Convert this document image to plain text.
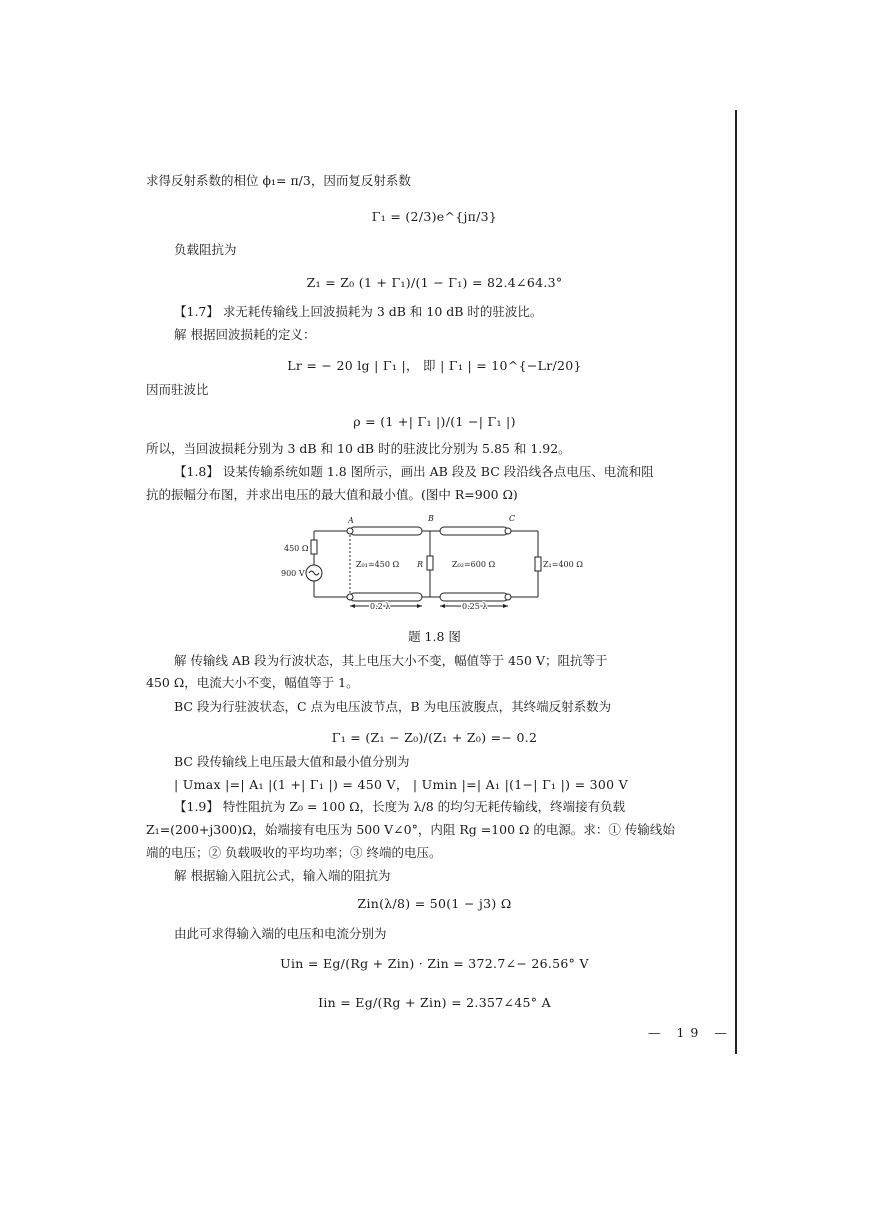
求得反射系数的相位 ϕ₁= π/3，因而复反射系数
Γ₁ = (2/3)e^{jπ/3}
负载阻抗为
Z₁ = Z₀ (1 + Γ₁)/(1 − Γ₁) = 82.4∠64.3°
【1.7】 求无耗传输线上回波损耗为 3 dB 和 10 dB 时的驻波比。
解 根据回波损耗的定义：
Lr = − 20 lg | Γ₁ |， 即 | Γ₁ | = 10^{−Lr/20}
因而驻波比
ρ = (1 +| Γ₁ |)/(1 −| Γ₁ |)
所以，当回波损耗分别为 3 dB 和 10 dB 时的驻波比分别为 5.85 和 1.92。
【1.8】 设某传输系统如题 1.8 图所示，画出 AB 段及 BC 段沿线各点电压、电流和阻
抗的振幅分布图，并求出电压的最大值和最小值。(图中 R=900 Ω)
A	B	C
450 Ω
900 V
Z₀₁=450 Ω R	Z₀₂=600 Ω	Z₁=400 Ω
0.2 λ	0.25 λ
题 1.8 图
解 传输线 AB 段为行波状态，其上电压大小不变，幅值等于 450 V；阻抗等于
450 Ω，电流大小不变，幅值等于 1。
BC 段为行驻波状态，C 点为电压波节点，B 为电压波腹点，其终端反射系数为
Γ₁ = (Z₁ − Z₀)/(Z₁ + Z₀) =− 0.2
BC 段传输线上电压最大值和最小值分别为
| Umax |=| A₁ |(1 +| Γ₁ |) = 450 V， | Umin |=| A₁ |(1−| Γ₁ |) = 300 V
【1.9】 特性阻抗为 Z₀ = 100 Ω，长度为 λ/8 的均匀无耗传输线，终端接有负载
Z₁=(200+j300)Ω，始端接有电压为 500 V∠0°，内阻 Rg =100 Ω 的电源。求：① 传输线始
端的电压；② 负载吸收的平均功率；③ 终端的电压。
解 根据输入阻抗公式，输入端的阻抗为
Zin(λ/8) = 50(1 − j3) Ω
由此可求得输入端的电压和电流分别为
Uin = Eg/(Rg + Zin) · Zin = 372.7∠− 26.56° V
Iin = Eg/(Rg + Zin) = 2.357∠45° A
— 19 —
